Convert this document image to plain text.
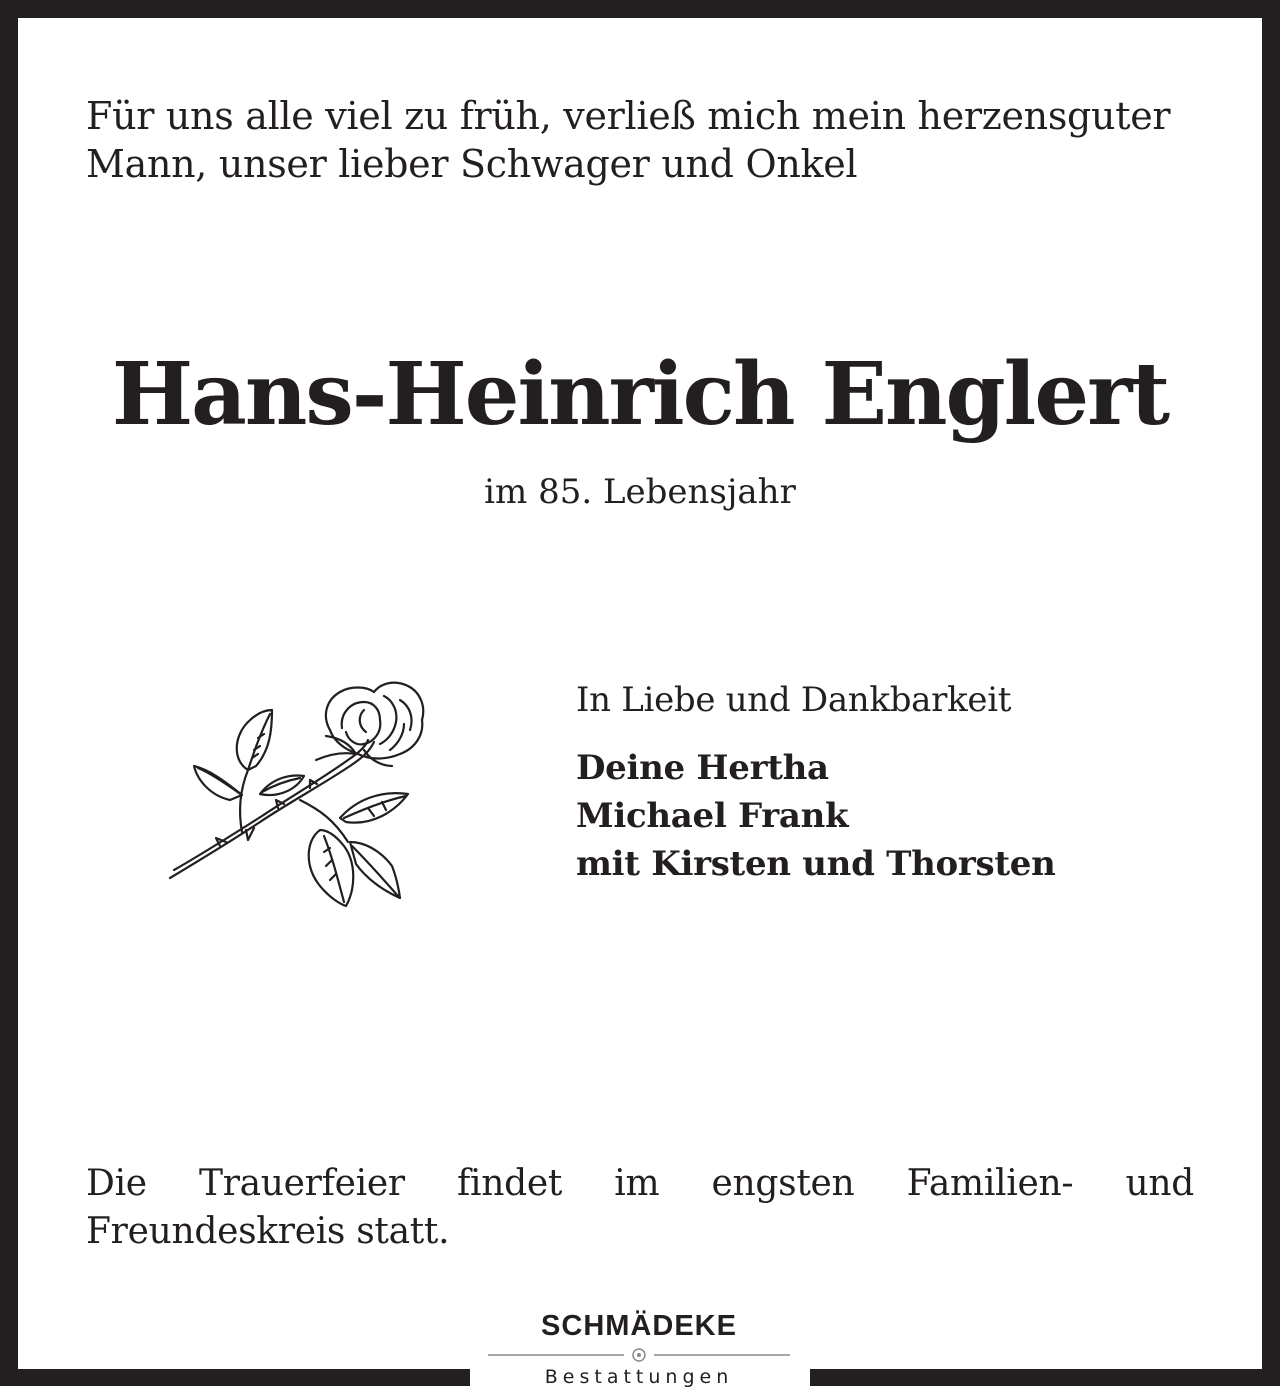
Für uns alle viel zu früh, verließ mich mein herzensguter
Mann, unser lieber Schwager und Onkel
Hans-Heinrich Englert
im 85. Lebensjahr
In Liebe und Dankbarkeit
Deine Hertha
Michael Frank
mit Kirsten und Thorsten
Die Trauerfeier findet im engsten Familien- und Freundeskreis statt.
SCHMÄDEKE
Bestattungen
